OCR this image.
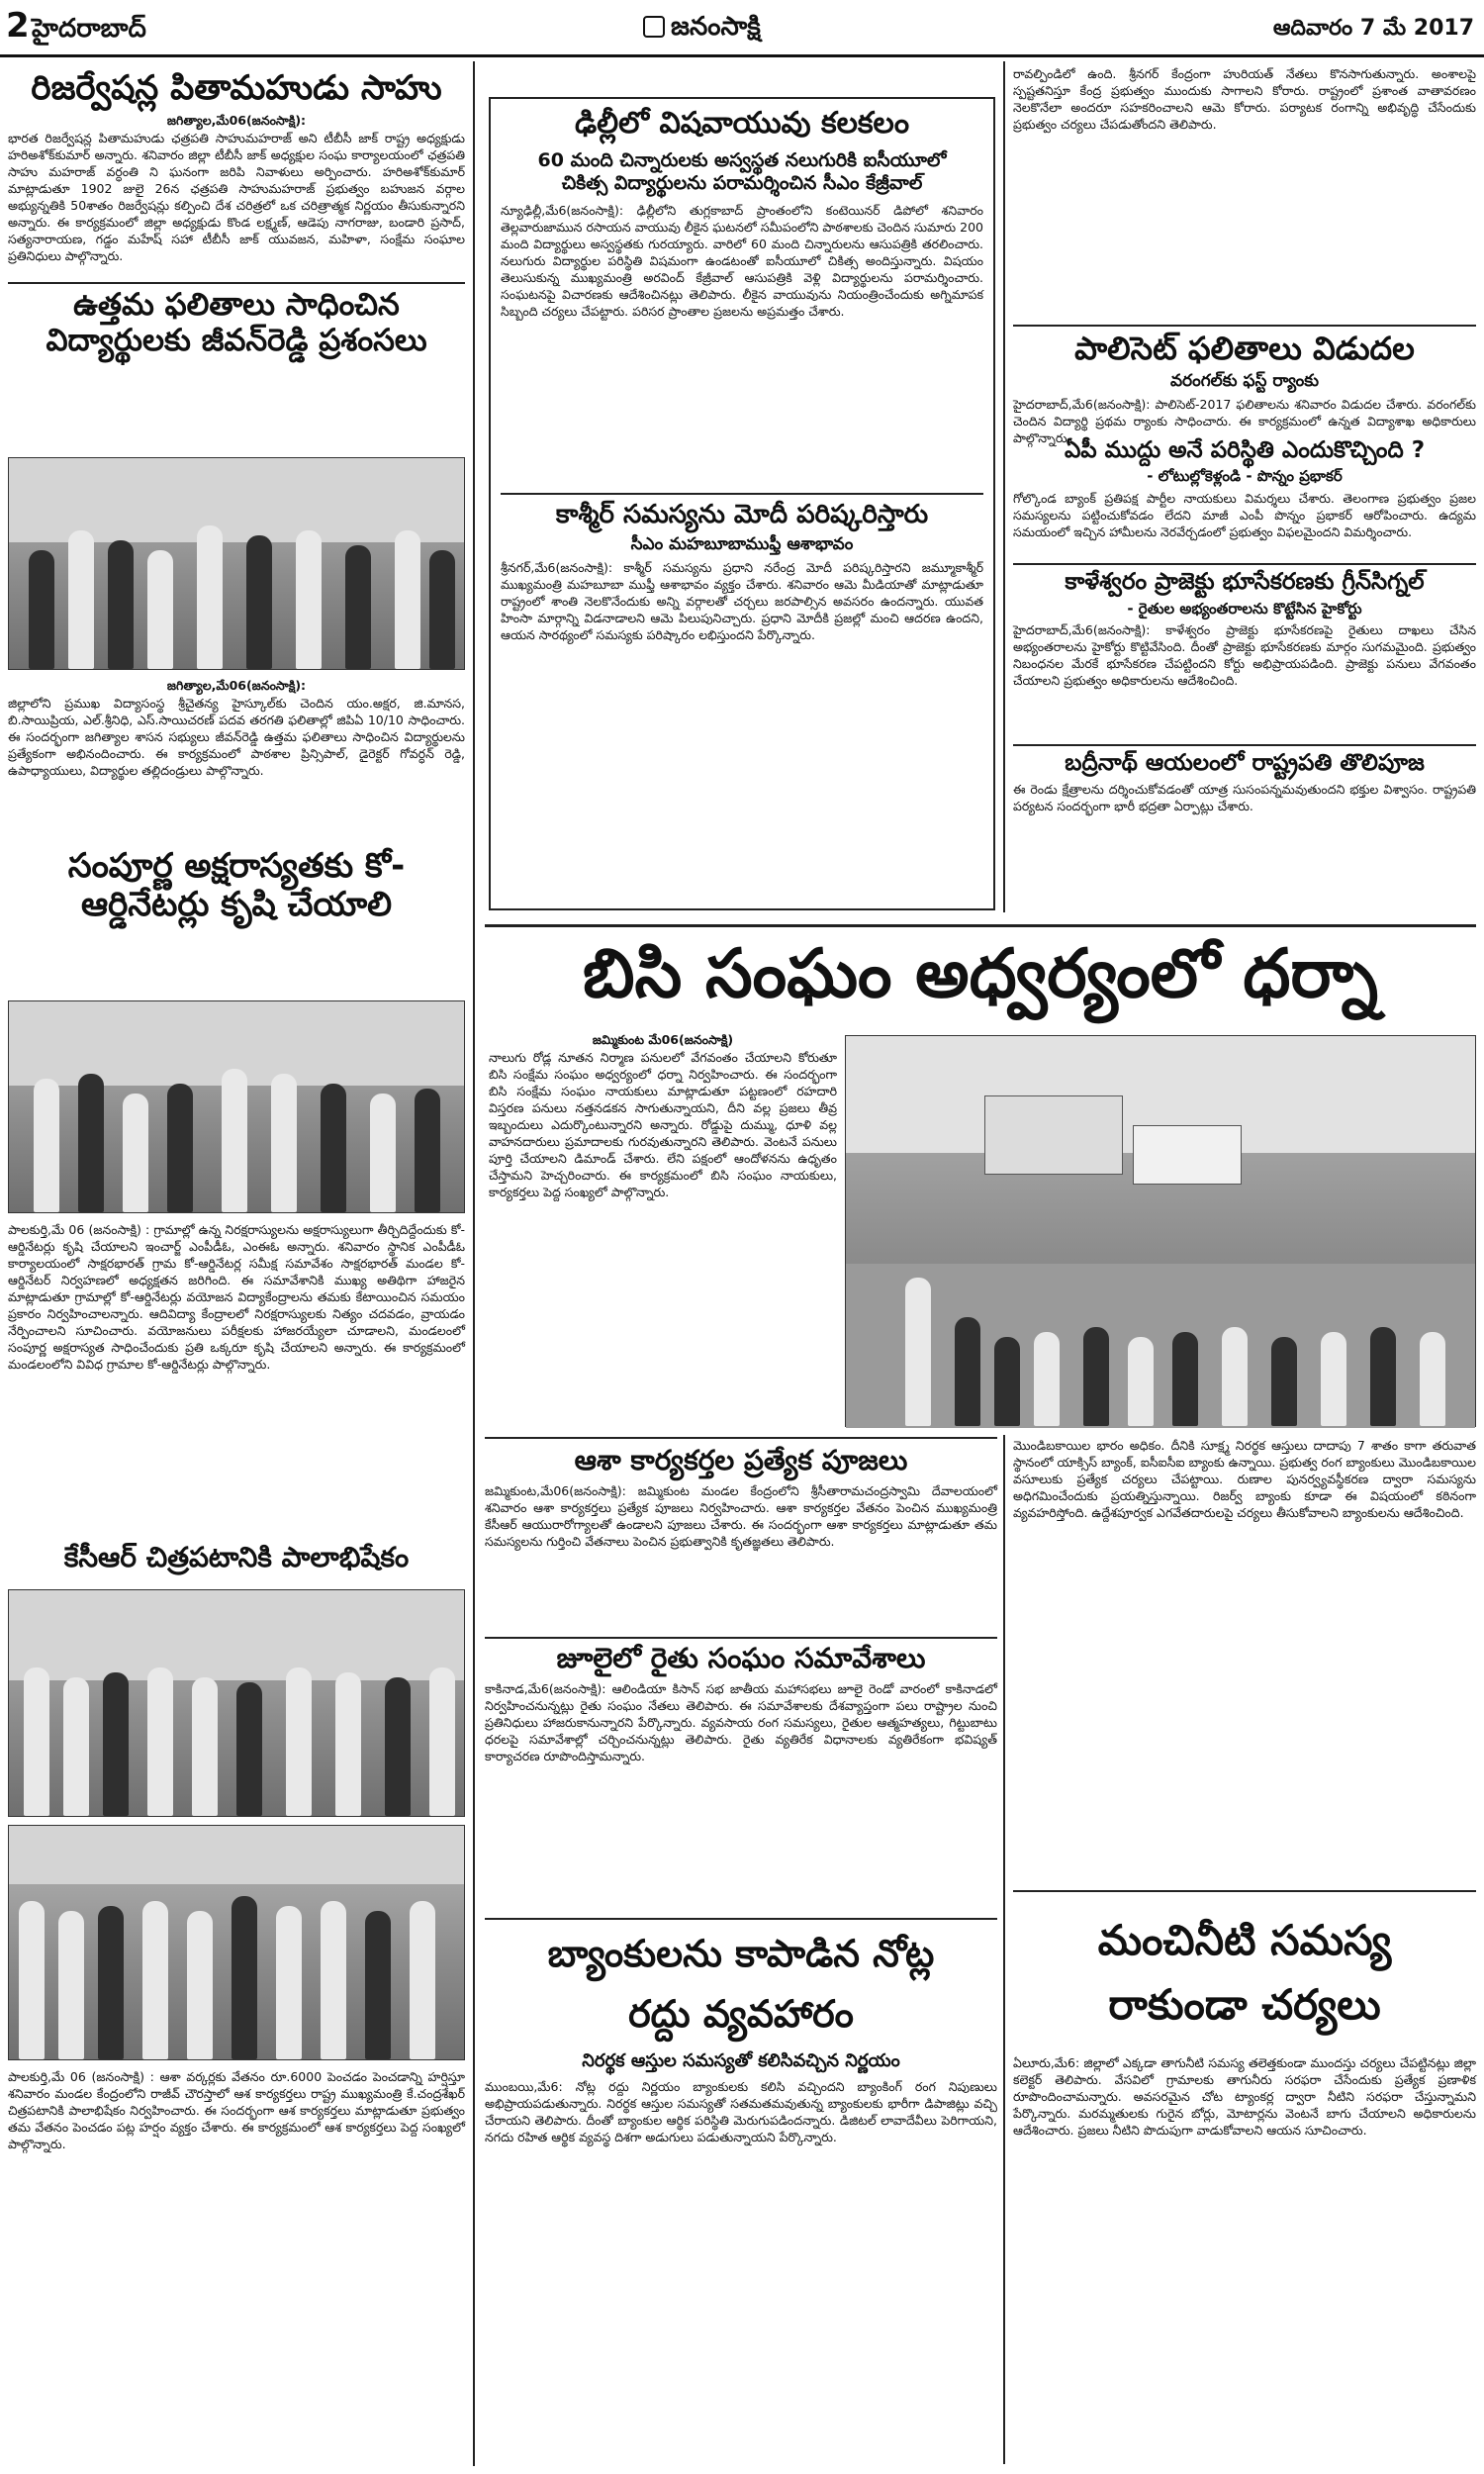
2 హైదరాబాద్	జనంసాక్షి	ఆదివారం 7 మే 2017
రిజర్వేషన్ల పితామహుడు సాహు
జగిత్యాల,మే06(జనంసాక్షి):

భారత రిజర్వేషన్ల పితామహుడు ఛత్రపతి సాహుమహరాజ్ అని టీబీసీ జాక్ రాష్ట్ర అధ్యక్షుడు హరిఅశోక్‌కుమార్ అన్నారు. శనివారం జిల్లా టీబీసీ జాక్ అధ్యక్షుల సంఘ కార్యాలయంలో ఛత్రపతి సాహు మహరాజ్ వర్ధంతి ని ఘనంగా జరిపి నివాళులు అర్పించారు. హరిఅశోక్‌కుమార్ మాట్లాడుతూ 1902 జులై 26న ఛత్రపతి సాహుమహరాజ్ ప్రభుత్వం బహుజన వర్గాల అభ్యున్నతికి 50శాతం రిజర్వేషన్లు కల్పించి దేశ చరిత్రలో ఒక చరిత్రాత్మక నిర్ణయం తీసుకున్నారని అన్నారు. ఈ కార్యక్రమంలో జిల్లా అధ్యక్షుడు కొండ లక్ష్మణ్, ఆడెపు నాగరాజు, బండారి ప్రసాద్, సత్యనారాయణ, గడ్డం మహేష్ సహా టీబీసీ జాక్ యువజన, మహిళా, సంక్షేమ సంఘాల ప్రతినిధులు పాల్గొన్నారు.

ఉత్తమ ఫలితాలు సాధించిన విద్యార్థులకు జీవన్‌రెడ్డి ప్రశంసలు
జగిత్యాల,మే06(జనంసాక్షి):

జిల్లాలోని ప్రముఖ విద్యాసంస్థ శ్రీచైతన్య హైస్కూల్‌కు చెందిన యం.అక్షర, జి.మానస, బి.సాయిప్రియ, ఎల్.శ్రీనిధి, ఎస్.సాయిచరణ్ పదవ తరగతి ఫలితాల్లో జిపిఏ 10/10 సాధించారు. ఈ సందర్భంగా జగిత్యాల శాసన సభ్యులు జీవన్‌రెడ్డి ఉత్తమ ఫలితాలు సాధించిన విద్యార్థులను ప్రత్యేకంగా అభినందించారు. ఈ కార్యక్రమంలో పాఠశాల ప్రిన్సిపాల్, డైరెక్టర్ గోవర్ధన్ రెడ్డి, ఉపాధ్యాయులు, విద్యార్థుల తల్లిదండ్రులు పాల్గొన్నారు.

సంపూర్ణ అక్షరాస్యతకు కో-ఆర్డినేటర్లు కృషి చేయాలి

పాలకుర్తి,మే 06 (జనంసాక్షి) : గ్రామాల్లో ఉన్న నిరక్షరాస్యులను అక్షరాస్యులుగా తీర్చిదిద్దేందుకు కో-ఆర్డినేటర్లు కృషి చేయాలని ఇంచార్జ్ ఎంపీడీఓ, ఎంఈఓ అన్నారు. శనివారం స్థానిక ఎంపీడీఓ కార్యాలయంలో సాక్షరభారత్ గ్రామ కో-ఆర్డినేటర్ల సమీక్ష సమావేశం సాక్షరభారత్ మండల కో-ఆర్డినేటర్ నిర్వహణలో అధ్యక్షతన జరిగింది. ఈ సమావేశానికి ముఖ్య అతిథిగా హాజరైన మాట్లాడుతూ గ్రామాల్లో కో-ఆర్డినేటర్లు వయోజన విద్యాకేంద్రాలను తమకు కేటాయించిన సమయం ప్రకారం నిర్వహించాలన్నారు. ఆదివిద్యా కేంద్రాలలో నిరక్షరాస్యులకు నిత్యం చదవడం, వ్రాయడం నేర్పించాలని సూచించారు. వయోజనులు పరీక్షలకు హాజరయ్యేలా చూడాలని, మండలంలో సంపూర్ణ అక్షరాస్యత సాధించేందుకు ప్రతి ఒక్కరూ కృషి చేయాలని అన్నారు. ఈ కార్యక్రమంలో మండలంలోని వివిధ గ్రామాల కో-ఆర్డినేటర్లు పాల్గొన్నారు.

కేసీఆర్ చిత్రపటానికి పాలాభిషేకం

పాలకుర్తి,మే 06 (జనంసాక్షి) : ఆశా వర్కర్లకు వేతనం రూ.6000 పెంచడం పెంచడాన్ని హర్షిస్తూ శనివారం మండల కేంద్రంలోని రాజీవ్ చౌరస్తాలో ఆశ కార్యకర్తలు రాష్ట్ర ముఖ్యమంత్రి కే.చంద్రశేఖర్ చిత్రపటానికి పాలాభిషేకం నిర్వహించారు. ఈ సందర్భంగా ఆశ కార్యకర్తలు మాట్లాడుతూ ప్రభుత్వం తమ వేతనం పెంచడం పట్ల హర్షం వ్యక్తం చేశారు. ఈ కార్యక్రమంలో ఆశ కార్యకర్తలు పెద్ద సంఖ్యలో పాల్గొన్నారు.

ఢిల్లీలో విషవాయువు కలకలం
60 మంది చిన్నారులకు అస్వస్థత నలుగురికి ఐసీయూలో చికిత్స విద్యార్థులను పరామర్శించిన సీఎం కేజ్రీవాల్

న్యూఢిల్లీ,మే6(జనంసాక్షి): ఢిల్లీలోని తుగ్లకాబాద్ ప్రాంతంలోని కంటెయినర్ డిపోలో శనివారం తెల్లవారుజామున రసాయన వాయువు లీకైన ఘటనలో సమీపంలోని పాఠశాలకు చెందిన సుమారు 200 మంది విద్యార్థులు అస్వస్థతకు గురయ్యారు. వారిలో 60 మంది చిన్నారులను ఆసుపత్రికి తరలించారు. నలుగురు విద్యార్థుల పరిస్థితి విషమంగా ఉండటంతో ఐసీయూలో చికిత్స అందిస్తున్నారు. విషయం తెలుసుకున్న ముఖ్యమంత్రి అరవింద్ కేజ్రీవాల్ ఆసుపత్రికి వెళ్లి విద్యార్థులను పరామర్శించారు. సంఘటనపై విచారణకు ఆదేశించినట్లు తెలిపారు. లీకైన వాయువును నియంత్రించేందుకు అగ్నిమాపక సిబ్బంది చర్యలు చేపట్టారు. పరిసర ప్రాంతాల ప్రజలను అప్రమత్తం చేశారు.

కాశ్మీర్ సమస్యను మోదీ పరిష్కరిస్తారు
సీఎం మహబూబాముఫ్తీ ఆశాభావం

శ్రీనగర్,మే6(జనంసాక్షి): కాశ్మీర్ సమస్యను ప్రధాని నరేంద్ర మోదీ పరిష్కరిస్తారని జమ్మూకాశ్మీర్ ముఖ్యమంత్రి మహబూబా ముఫ్తీ ఆశాభావం వ్యక్తం చేశారు. శనివారం ఆమె మీడియాతో మాట్లాడుతూ రాష్ట్రంలో శాంతి నెలకొనేందుకు అన్ని వర్గాలతో చర్చలు జరపాల్సిన అవసరం ఉందన్నారు. యువత హింసా మార్గాన్ని విడనాడాలని ఆమె పిలుపునిచ్చారు. ప్రధాని మోదీకి ప్రజల్లో మంచి ఆదరణ ఉందని, ఆయన సారథ్యంలో సమస్యకు పరిష్కారం లభిస్తుందని పేర్కొన్నారు.

రావల్పిండిలో ఉంది. శ్రీనగర్ కేంద్రంగా హురియత్ నేతలు కొనసాగుతున్నారు. అంశాలపై స్పష్టతనిస్తూ కేంద్ర ప్రభుత్వం ముందుకు సాగాలని కోరారు. రాష్ట్రంలో ప్రశాంత వాతావరణం నెలకొనేలా అందరూ సహకరించాలని ఆమె కోరారు. పర్యాటక రంగాన్ని అభివృద్ధి చేసేందుకు ప్రభుత్వం చర్యలు చేపడుతోందని తెలిపారు.

పాలిసెట్ ఫలితాలు విడుదల
వరంగల్‌కు ఫస్ట్ ర్యాంకు

హైదరాబాద్,మే6(జనంసాక్షి): పాలిసెట్-2017 ఫలితాలను శనివారం విడుదల చేశారు. వరంగల్‌కు చెందిన విద్యార్థి ప్రథమ ర్యాంకు సాధించారు. ఈ కార్యక్రమంలో ఉన్నత విద్యాశాఖ అధికారులు పాల్గొన్నారు.

ఏపీ ముద్దు అనే పరిస్థితి ఎందుకొచ్చింది ?
- లోటుల్లోకెళ్లండి - పొన్నం ప్రభాకర్

గోల్కొండ బ్యాంక్ ప్రతిపక్ష పార్టీల నాయకులు విమర్శలు చేశారు. తెలంగాణ ప్రభుత్వం ప్రజల సమస్యలను పట్టించుకోవడం లేదని మాజీ ఎంపీ పొన్నం ప్రభాకర్ ఆరోపించారు. ఉద్యమ సమయంలో ఇచ్చిన హామీలను నెరవేర్చడంలో ప్రభుత్వం విఫలమైందని విమర్శించారు.

కాళేశ్వరం ప్రాజెక్టు భూసేకరణకు గ్రీన్‌సిగ్నల్
- రైతుల అభ్యంతరాలను కొట్టేసిన హైకోర్టు

హైదరాబాద్,మే6(జనంసాక్షి): కాళేశ్వరం ప్రాజెక్టు భూసేకరణపై రైతులు దాఖలు చేసిన అభ్యంతరాలను హైకోర్టు కొట్టివేసింది. దీంతో ప్రాజెక్టు భూసేకరణకు మార్గం సుగమమైంది. ప్రభుత్వం నిబంధనల మేరకే భూసేకరణ చేపట్టిందని కోర్టు అభిప్రాయపడింది. ప్రాజెక్టు పనులు వేగవంతం చేయాలని ప్రభుత్వం అధికారులను ఆదేశించింది.

బద్రీనాథ్ ఆయలంలో రాష్ట్రపతి తొలిపూజ

ఈ రెండు క్షేత్రాలను దర్శించుకోవడంతో యాత్ర సుసంపన్నమవుతుందని భక్తుల విశ్వాసం. రాష్ట్రపతి పర్యటన సందర్భంగా భారీ భద్రతా ఏర్పాట్లు చేశారు.

బిసి సంఘం అధ్వర్యంలో ధర్నా
జమ్మికుంట మే06(జనంసాక్షి)

నాలుగు రోడ్ల నూతన నిర్మాణ పనులలో వేగవంతం చేయాలని కోరుతూ బిసి సంక్షేమ సంఘం అధ్వర్యంలో ధర్నా నిర్వహించారు. ఈ సందర్భంగా బిసి సంక్షేమ సంఘం నాయకులు మాట్లాడుతూ పట్టణంలో రహదారి విస్తరణ పనులు నత్తనడకన సాగుతున్నాయని, దీని వల్ల ప్రజలు తీవ్ర ఇబ్బందులు ఎదుర్కొంటున్నారని అన్నారు. రోడ్డుపై దుమ్ము, ధూళి వల్ల వాహనదారులు ప్రమాదాలకు గురవుతున్నారని తెలిపారు. వెంటనే పనులు పూర్తి చేయాలని డిమాండ్ చేశారు. లేని పక్షంలో ఆందోళనను ఉధృతం చేస్తామని హెచ్చరించారు. ఈ కార్యక్రమంలో బిసి సంఘం నాయకులు, కార్యకర్తలు పెద్ద సంఖ్యలో పాల్గొన్నారు.

ఆశా కార్యకర్తల ప్రత్యేక పూజలు

జమ్మికుంట,మే06(జనంసాక్షి): జమ్మికుంట మండల కేంద్రంలోని శ్రీసీతారామచంద్రస్వామి దేవాలయంలో శనివారం ఆశా కార్యకర్తలు ప్రత్యేక పూజలు నిర్వహించారు. ఆశా కార్యకర్తల వేతనం పెంచిన ముఖ్యమంత్రి కేసీఆర్ ఆయురారోగ్యాలతో ఉండాలని పూజలు చేశారు. ఈ సందర్భంగా ఆశా కార్యకర్తలు మాట్లాడుతూ తమ సమస్యలను గుర్తించి వేతనాలు పెంచిన ప్రభుత్వానికి కృతజ్ఞతలు తెలిపారు.

జూలైలో రైతు సంఘం సమావేశాలు

కాకినాడ,మే6(జనంసాక్షి): ఆలిండియా కిసాన్ సభ జాతీయ మహాసభలు జూలై రెండో వారంలో కాకినాడలో నిర్వహించనున్నట్లు రైతు సంఘం నేతలు తెలిపారు. ఈ సమావేశాలకు దేశవ్యాప్తంగా పలు రాష్ట్రాల నుంచి ప్రతినిధులు హాజరుకానున్నారని పేర్కొన్నారు. వ్యవసాయ రంగ సమస్యలు, రైతుల ఆత్మహత్యలు, గిట్టుబాటు ధరలపై సమావేశాల్లో చర్చించనున్నట్లు తెలిపారు. రైతు వ్యతిరేక విధానాలకు వ్యతిరేకంగా భవిష్యత్ కార్యాచరణ రూపొందిస్తామన్నారు.

బ్యాంకులను కాపాడిన నోట్ల రద్దు వ్యవహారం
నిరర్థక ఆస్తుల సమస్యతో కలిసివచ్చిన నిర్ణయం

ముంబయి,మే6: నోట్ల రద్దు నిర్ణయం బ్యాంకులకు కలిసి వచ్చిందని బ్యాంకింగ్ రంగ నిపుణులు అభిప్రాయపడుతున్నారు. నిరర్థక ఆస్తుల సమస్యతో సతమతమవుతున్న బ్యాంకులకు భారీగా డిపాజిట్లు వచ్చి చేరాయని తెలిపారు. దీంతో బ్యాంకుల ఆర్థిక పరిస్థితి మెరుగుపడిందన్నారు. డిజిటల్ లావాదేవీలు పెరిగాయని, నగదు రహిత ఆర్థిక వ్యవస్థ దిశగా అడుగులు పడుతున్నాయని పేర్కొన్నారు.

మొండిబకాయిల భారం అధికం. దీనికి సూక్ష్మ నిరర్థక ఆస్తులు దాదాపు 7 శాతం కాగా తరువాత స్థానంలో యాక్సిస్ బ్యాంక్, ఐసీఐసీఐ బ్యాంకు ఉన్నాయి. ప్రభుత్వ రంగ బ్యాంకులు మొండిబకాయిల వసూలుకు ప్రత్యేక చర్యలు చేపట్టాయి. రుణాల పునర్వ్యవస్థీకరణ ద్వారా సమస్యను అధిగమించేందుకు ప్రయత్నిస్తున్నాయి. రిజర్వ్ బ్యాంకు కూడా ఈ విషయంలో కఠినంగా వ్యవహరిస్తోంది. ఉద్దేశపూర్వక ఎగవేతదారులపై చర్యలు తీసుకోవాలని బ్యాంకులను ఆదేశించింది.

మంచినీటి సమస్య రాకుండా చర్యలు

ఏలూరు,మే6: జిల్లాలో ఎక్కడా తాగునీటి సమస్య తలెత్తకుండా ముందస్తు చర్యలు చేపట్టినట్లు జిల్లా కలెక్టర్ తెలిపారు. వేసవిలో గ్రామాలకు తాగునీరు సరఫరా చేసేందుకు ప్రత్యేక ప్రణాళిక రూపొందించామన్నారు. అవసరమైన చోట ట్యాంకర్ల ద్వారా నీటిని సరఫరా చేస్తున్నామని పేర్కొన్నారు. మరమ్మతులకు గురైన బోర్లు, మోటార్లను వెంటనే బాగు చేయాలని అధికారులను ఆదేశించారు. ప్రజలు నీటిని పొదుపుగా వాడుకోవాలని ఆయన సూచించారు.
